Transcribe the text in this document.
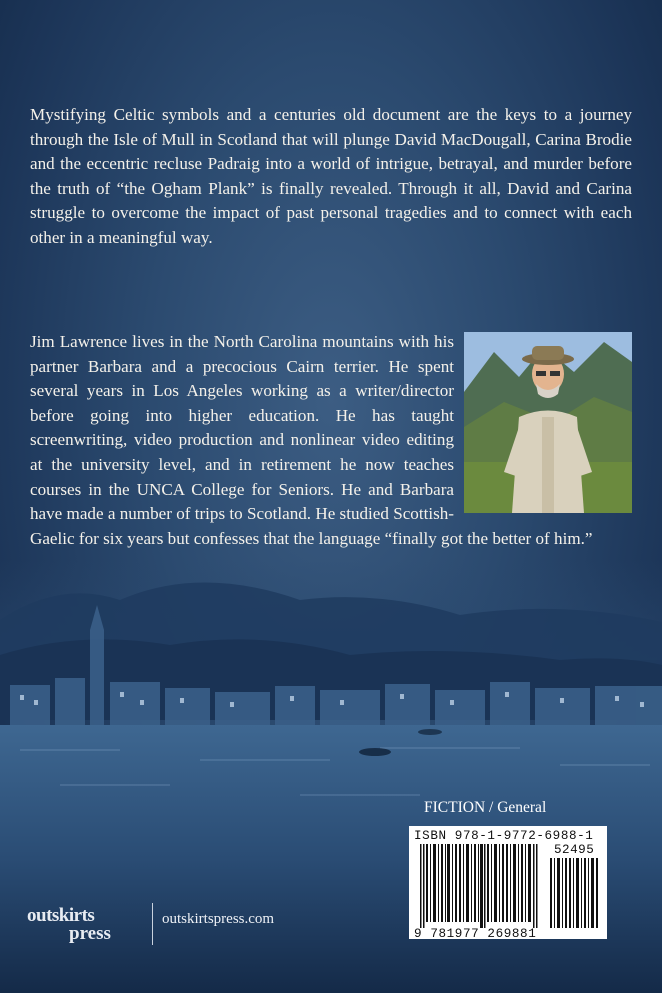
Mystifying Celtic symbols and a centuries old document are the keys to a journey through the Isle of Mull in Scotland that will plunge David MacDougall, Carina Brodie and the eccentric recluse Padraig into a world of intrigue, betrayal, and murder before the truth of “the Ogham Plank” is finally revealed. Through it all, David and Carina struggle to overcome the impact of past personal tragedies and to connect with each other in a meaningful way.
Jim Lawrence lives in the North Carolina mountains with his partner Barbara and a precocious Cairn terrier. He spent several years in Los Angeles working as a writer/director before going into higher education. He has taught screenwriting, video production and nonlinear video editing at the university level, and in retirement he now teaches courses in the UNCA College for Seniors. He and Barbara have made a number of trips to Scotland. He studied Scottish-Gaelic for six years but confesses that the language “finally got the better of him.”
FICTION / General
ISBN 978-1-9772-6988-1
52495
9 781977 269881
outskirts
press
outskirtspress.com
